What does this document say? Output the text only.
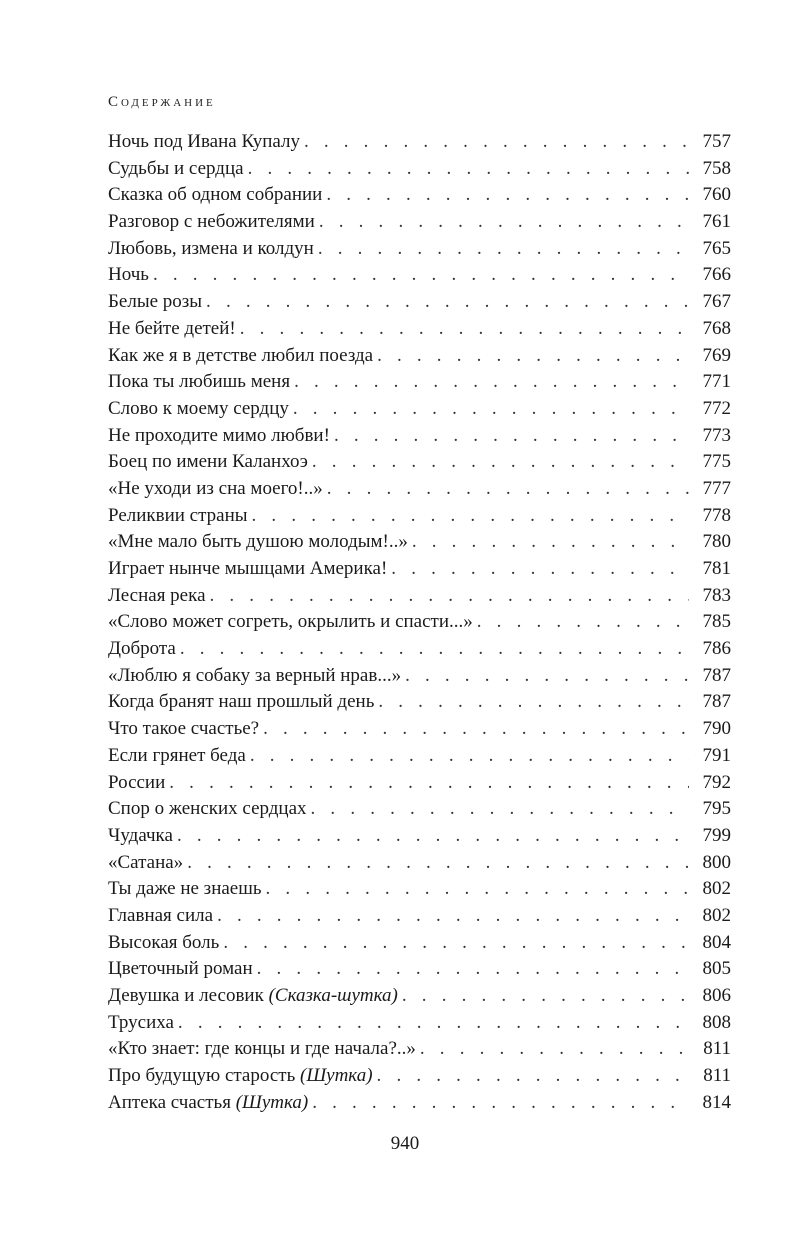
Содержание
Ночь под Ивана Купалу . . .	757
Судьбы и сердца . . .	758
Сказка об одном собрании . . .	760
Разговор с небожителями . . .	761
Любовь, измена и колдун . . .	765
Ночь . . .	766
Белые розы . . .	767
Не бейте детей! . . .	768
Как же я в детстве любил поезда . . .	769
Пока ты любишь меня . . .	771
Слово к моему сердцу . . .	772
Не проходите мимо любви! . . .	773
Боец по имени Каланхоэ . . .	775
«Не уходи из сна моего!..» . . .	777
Реликвии страны . . .	778
«Мне мало быть душою молодым!..» . . .	780
Играет нынче мышцами Америка! . . .	781
Лесная река . . .	783
«Слово может согреть, окрылить и спасти...» . . .	785
Доброта . . .	786
«Люблю я собаку за верный нрав...» . . .	787
Когда бранят наш прошлый день . . .	787
Что такое счастье? . . .	790
Если грянет беда . . .	791
России . . .	792
Спор о женских сердцах . . .	795
Чудачка . . .	799
«Сатана» . . .	800
Ты даже не знаешь . . .	802
Главная сила . . .	802
Высокая боль . . .	804
Цветочный роман . . .	805
Девушка и лесовик (Сказка-шутка) . . .	806
Трусиха . . .	808
«Кто знает: где концы и где начала?..» . . .	811
Про будущую старость (Шутка) . . .	811
Аптека счастья (Шутка) . . .	814
940
